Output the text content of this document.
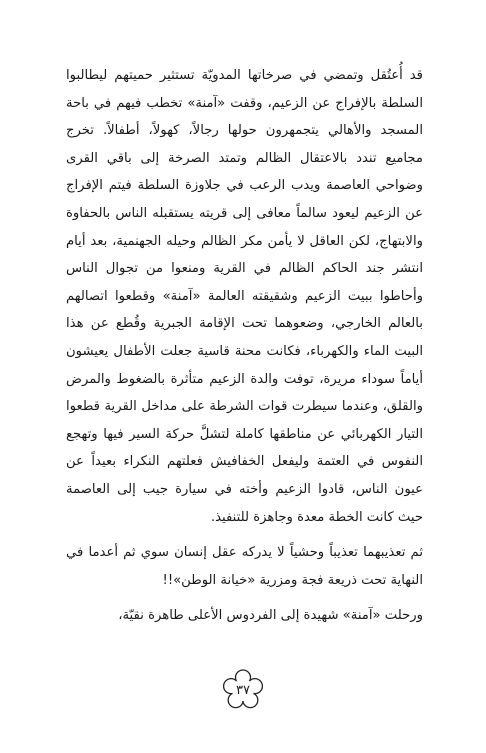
قد أُعتُقل وتمضي في صرخاتها المدويّة تستثير حميتهم ليطالبوا السلطة بالإفراج عن الزعيم، وقفت «آمنة» تخطب فيهم في باحة المسجد والأهالي يتجمهرون حولها رجالاً، كهولاً، أطفالاً. تخرج مجاميع تندد بالاعتقال الظالم وتمتد الصرخة إلى باقي القرى وضواحي العاصمة ويدب الرعب في جلاوزة السلطة فيتم الإفراج عن الزعيم ليعود سالماً معافى إلى قريته يستقبله الناس بالحفاوة والابتهاج، لكن العاقل لا يأمن مكر الظالم وحيله الجهنمية، بعد أيام انتشر جند الحاكم الظالم في القرية ومنعوا من تجوال الناس وأحاطوا ببيت الزعيم وشقيقته العالمة «آمنة» وقطعوا اتصالهم بالعالم الخارجي، وضعوهما تحت الإقامة الجبرية وقُطع عن هذا البيت الماء والكهرباء، فكانت محنة قاسية جعلت الأطفال يعيشون أياماً سوداء مريرة، توفت والدة الزعيم متأثرة بالضغوط والمرض والقلق، وعندما سيطرت قوات الشرطة على مداخل القرية قطعوا التيار الكهربائي عن مناطقها كاملة لتشلَّ حركة السير فيها وتهجع النفوس في العتمة وليفعل الخفافيش فعلتهم النكراء بعيداً عن عيون الناس، قادوا الزعيم وأخته في سيارة جيب إلى العاصمة حيث كانت الخطة معدة وجاهزة للتنفيذ.

ثم تعذيبهما تعذيباً وحشياً لا يدركه عقل إنسان سوي ثم أعدما في النهاية تحت ذريعة فجة ومزرية «خيانة الوطن»!!

ورحلت «آمنة» شهيدة إلى الفردوس الأعلى طاهرة نقيّة،

٣٧
